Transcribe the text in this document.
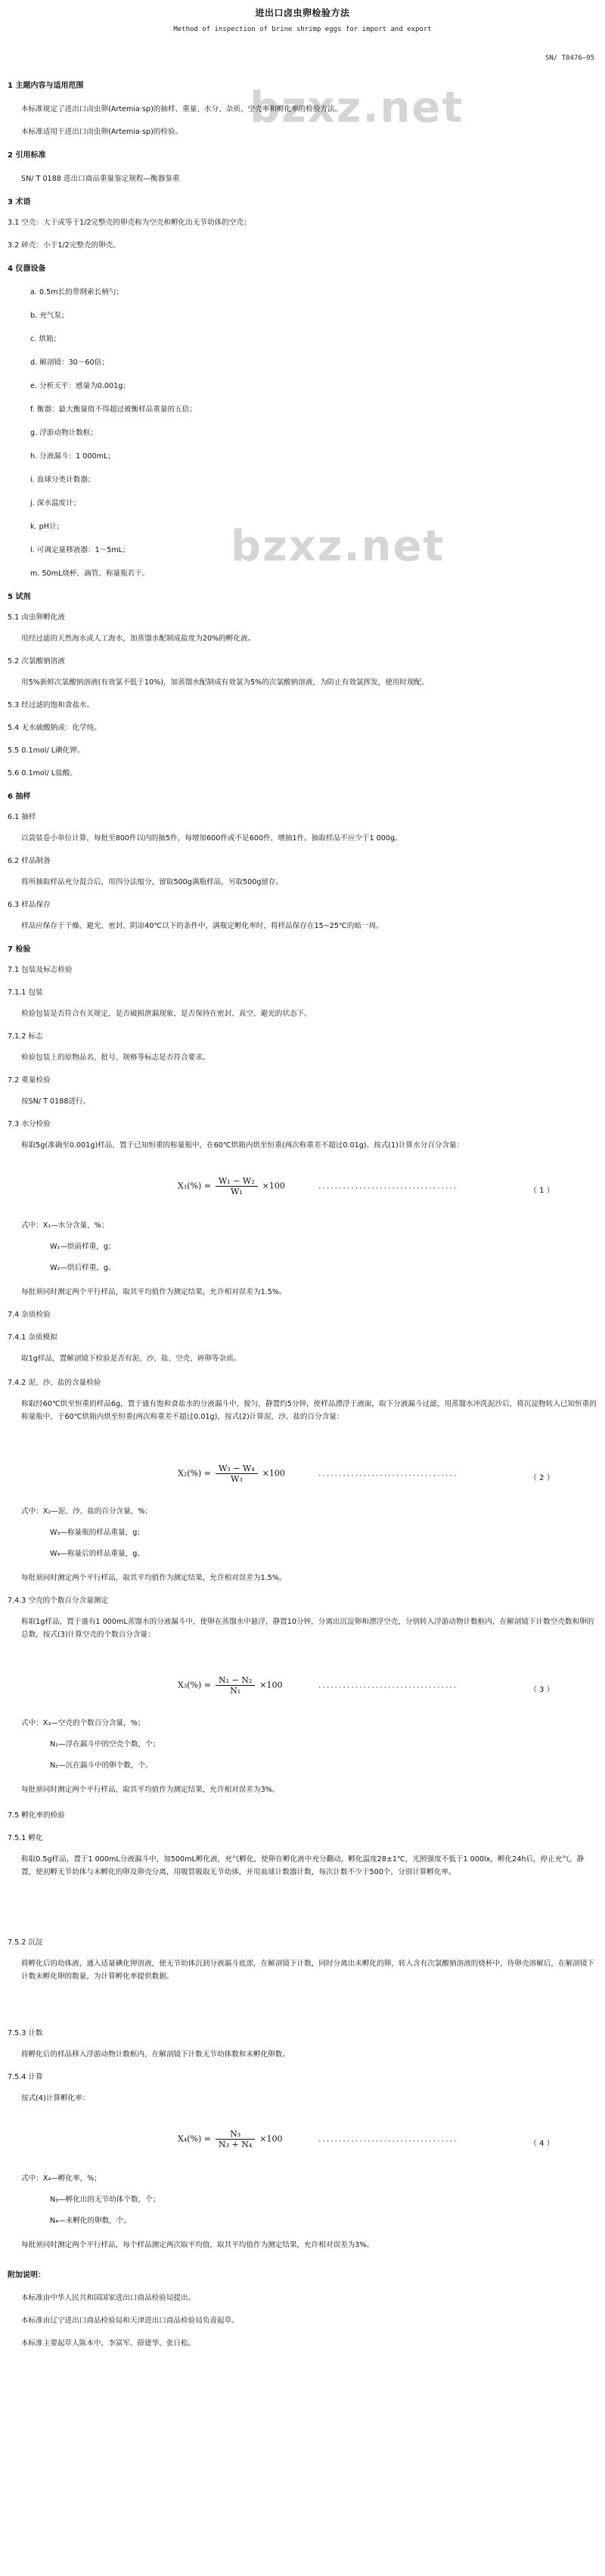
进出口卤虫卵检验方法
Method of inspection of brine shrimp eggs for import and export
SN/ T0476—95
bzxz.net
bzxz.net
1 主题内容与适用范围
本标准规定了进出口卤虫卵(Artemia·sp)的抽样、重量、水分、杂质、空壳率和孵化率的检验方法。
本标准适用于进出口卤虫卵(Artemia·sp)的检验。
2 引用标准
SN/ T 0188 进出口商品重量鉴定规程—衡器鉴重
3 术语
3.1 空壳：大于或等于1/2完整壳的卵壳称为空壳和孵化出无节幼体的空壳；
3.2 碎壳：小于1/2完整壳的卵壳。
4 仪器设备
a. 0.5m长的带纲索长柄勺；
b. 充气泵；
c. 烘箱；
d. 解剖镜：30～60倍；
e. 分析天平：感量为0.001g；
f. 衡器：最大衡量值不得超过被衡样品重量的五倍；
g. 浮游动物计数框；
h. 分液漏斗：1 000mL；
i. 血球分类计数器；
j. 深水温度计；
k. pH计；
l. 可调定量移液器：1～5mL；
m. 50mL烧杯、滴管、称量瓶若干。
5 试剂
5.1 卤虫卵孵化液
用经过滤的天然海水或人工海水，加蒸馏水配制成盐度为20%的孵化液。
5.2 次氯酸钠溶液
用5%新鲜次氯酸钠溶液(有效氯不低于10%)，加蒸馏水配制成有效氯为5%的次氯酸钠溶液，为防止有效氯挥发，使用时现配。
5.3 经过滤的饱和食盐水。
5.4 无水硫酸钠或：化学纯。
5.5 0.1mol/ L碘化钾。
5.6 0.1mol/ L盐酸。
6 抽样
6.1 抽样
以袋装卷小单位计算，每批至800件以内的抽5件，每增加600件或不足600件，增抽1件。抽取样品不应少于1 000g。
6.2 样品制备
将所抽取样品充分混合后，用四分法缩分，留取500g满瓶样品，另取500g留存。
6.3 样品保存
样品应保存于干燥、避光、密封、阴凉40℃以下的条件中，满瓶定孵化率时，将样品保存在15~25℃的暗一周。
7 检验
7.1 包装及标志检验
7.1.1 包装
检验包装是否符合有关规定，是否破损泄漏现象，是否保持在密封、真空、避光的状态下。
7.1.2 标志
检验包装上的原物品名、批号、规格等标志是否符合要求。
7.2 重量检验
按SN/ T 0188进行。
7.3 水分检验
称取5g(准确至0.001g)样品，置于已知恒重的称量瓶中，在60℃烘箱内烘至恒重(两次称重差不超过0.01g)。按式(1)计算水分百分含量：
式中：X₁—水分含量，%；
W₁—烘前样重，g；
W₂—烘后样重，g。
每批须同时测定两个平行样品，取其平均值作为测定结果，允许相对误差为1.5%。
7.4 杂质检验
7.4.1 杂质模拟
取1g样品，置解剖镜下检验是否有泥、沙、盐、空壳、碎卵等杂质。
7.4.2 泥、沙、盐的含量检验
称取经60℃烘至恒重的样品6g，置于盛有饱和食盐水的分液漏斗中，搅匀，静置约5分钟，使样品漂浮于液面，取下分液漏斗过滤，用蒸馏水冲洗泥沙后，将沉淀物转入已知恒重的称量瓶中，于60℃烘箱内烘至恒重(两次称重差不超过0.01g)，按式(2)计算泥、沙、盐的百分含量：
式中：X₂—泥、沙、盐的百分含量，%；
W₃—称量瓶的样品重量，g；
W₄—称量后的样品重量，g。
每批须同时测定两个平行样品，取其平均值作为测定结果，允许相对误差为1.5%。
7.4.3 空壳的个数百分含量测定
称取1g样品，置于盛有1 000mL蒸馏水的分液漏斗中，使卵在蒸馏水中悬浮，静置10分钟，分离出沉淀卵和漂浮空壳，分别转入浮游动物计数框内，在解剖镜下计数空壳数和卵的总数，按式(3)计算空壳的个数百分含量：
式中：X₃—空壳的个数百分含量，%；
N₁—浮在漏斗中的空壳个数，个；
N₂—沉在漏斗中的卵个数，个。
每批须同时测定两个平行样品，取其平均值作为测定结果，允许相对误差为3%。
7.5 孵化率的检验
7.5.1 孵化
称取0.5g样品，置于1 000mL分液漏斗中，加500mL孵化液，充气孵化，使卵在孵化液中充分翻动，孵化温度28±1℃，光照强度不低于1 000lx，孵化24h后，停止充气，静置，使初孵无节幼体与未孵化的卵及卵壳分离，用吸管吸取无节幼体，并用血球计数器计数，每次计数不少于500个，分别计算孵化率。
7.5.2 沉淀
将孵化后的幼体液，通入适量碘化钾溶液，使无节幼体沉到分液漏斗底部，在解剖镜下计数，同时分离出未孵化的卵，转入含有次氯酸钠溶液的烧杯中，待卵壳溶解后，在解剖镜下计数未孵化卵的数量，为计算孵化率提供数据。
7.5.3 计数
将孵化后的样品移入浮游动物计数框内，在解剖镜下计数无节幼体数和未孵化卵数。
7.5.4 计算
按式(4)计算孵化率：
式中：X₄—孵化率，%；
N₃—孵化出的无节幼体个数，个；
N₄—未孵化的卵数，个。
每批须同时测定两个平行样品，每个样品测定两次取平均值，取其平均值作为测定结果，允许相对误差为3%。
附加说明：
本标准由中华人民共和国国家进出口商品检验局提出。
本标准由辽宁进出口商品检验局和天津进出口商品检验局负责起草。
本标准主要起草人陈本中、李富军、薛建华、张日松。
$X_1(\%) = \frac{\text{W₁ − W₂}}{\text{W₁}} \times 100$	··································	（ 1 ）
$X_2(\%) = \frac{\text{W₃ − W₄}}{\text{W₃}} \times 100$	··································	（ 2 ）
$X_3(\%) = \frac{\text{N₁ − N₂}}{\text{N₁}} \times 100$	··································	（ 3 ）
$X_4(\%) = \frac{\text{N₃}}{\text{N₃ + N₄}} \times 100$	··································	（ 4 ）
